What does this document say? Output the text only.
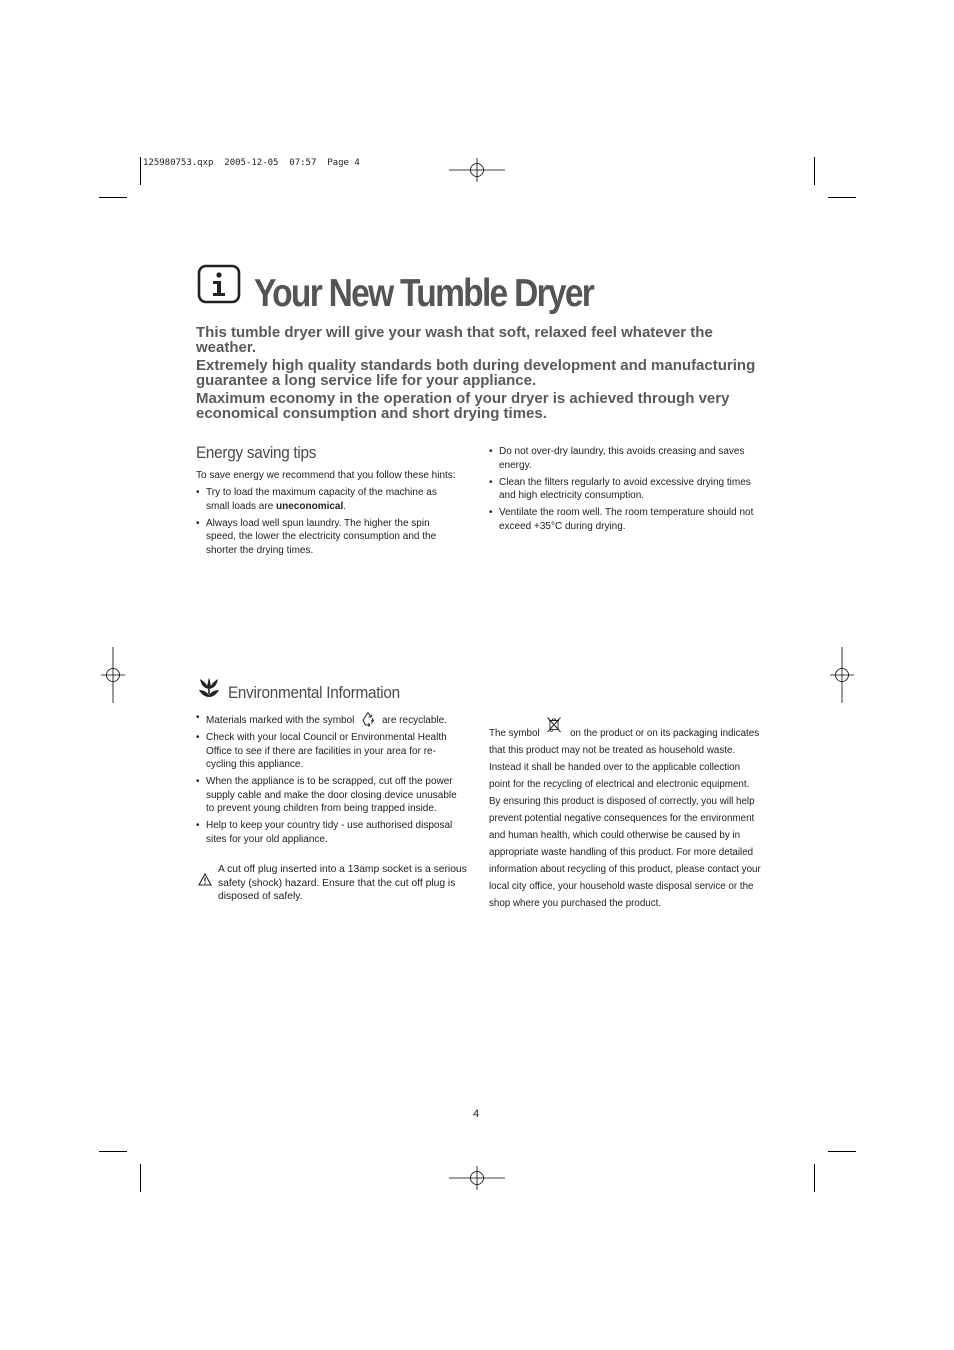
125980753.qxp  2005-12-05  07:57  Page 4
Your New Tumble Dryer
This tumble dryer will give your wash that soft, relaxed feel whatever the weather.
Extremely high quality standards both during development and manufacturing guarantee a long service life for your appliance.
Maximum economy in the operation of your dryer is achieved through very economical consumption and short drying times.
Energy saving tips
To save energy we recommend that you follow these hints:
• Try to load the maximum capacity of the machine as small loads are uneconomical.
• Always load well spun laundry. The higher the spin speed, the lower the electricity consumption and the shorter the drying times.
• Do not over-dry laundry, this avoids creasing and saves energy.
• Clean the filters regularly to avoid excessive drying times and high electricity consumption.
• Ventilate the room well. The room temperature should not exceed +35°C during drying.
Environmental Information
• Materials marked with the symbol	are recyclable.
• Check with your local Council or Environmental Health Office to see if there are facilities in your area for re-cycling this appliance.
• When the appliance is to be scrapped, cut off the power supply cable and make the door closing device unusable to prevent young children from being trapped inside.
• Help to keep your country tidy - use authorised disposal sites for your old appliance.
A cut off plug inserted into a 13amp socket is a serious safety (shock) hazard. Ensure that the cut off plug is disposed of safely.
The symbol	on the product or on its packaging indicates that this product may not be treated as household waste. Instead it shall be handed over to the applicable collection point for the recycling of electrical and electronic equipment. By ensuring this product is disposed of correctly, you will help prevent potential negative consequences for the environment and human health, which could otherwise be caused by in appropriate waste handling of this product. For more detailed information about recycling of this product, please contact your local city office, your household waste disposal service or the shop where you purchased the product.
4
